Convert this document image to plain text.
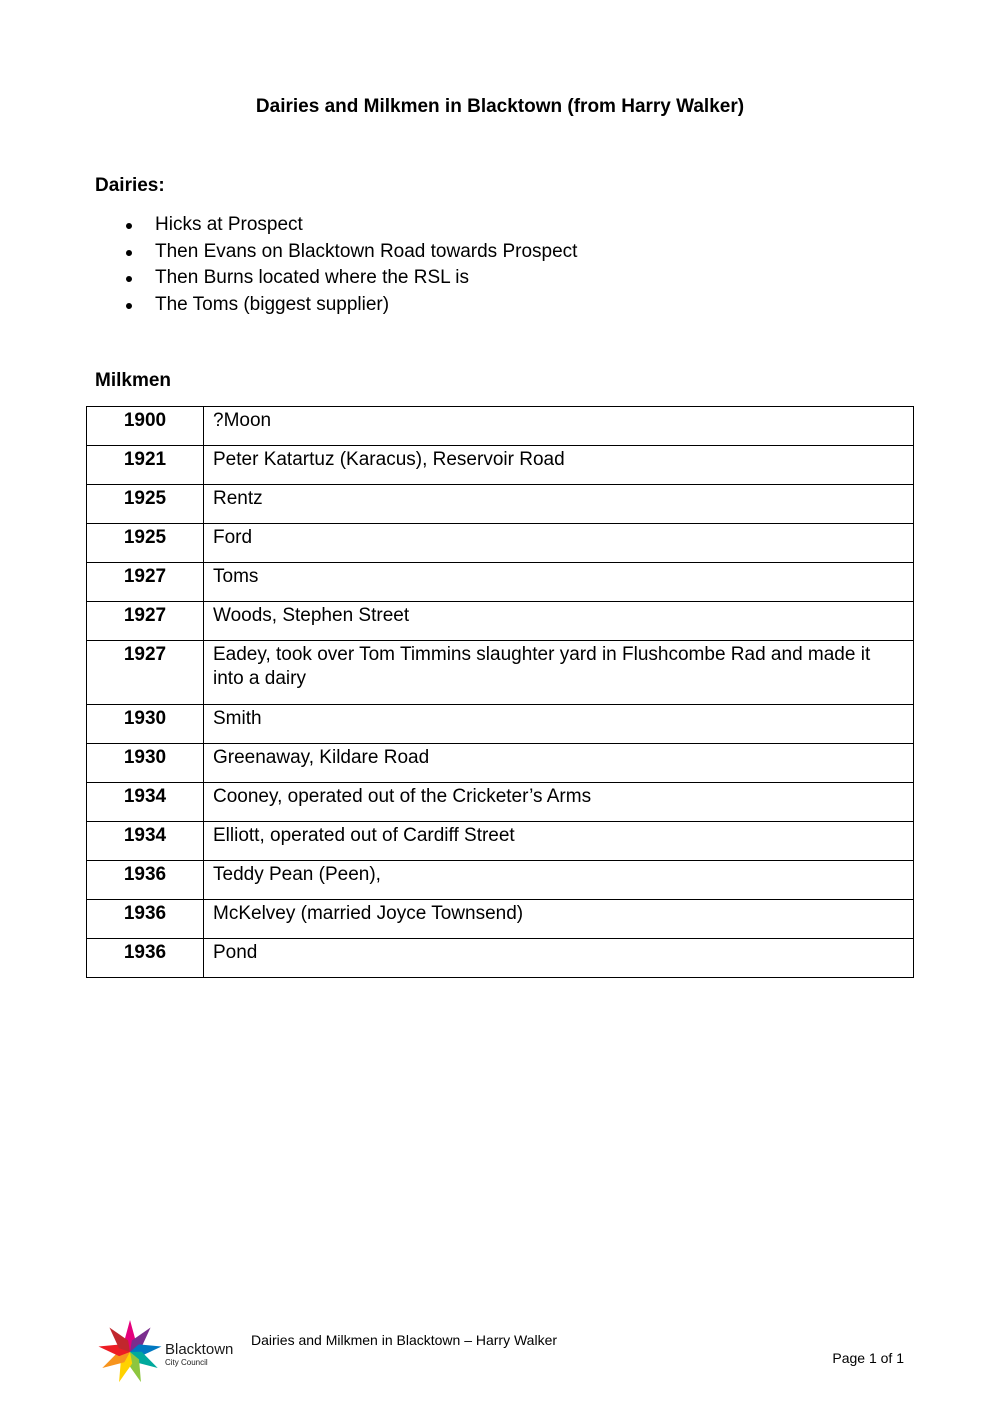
Dairies and Milkmen in Blacktown (from Harry Walker)
Dairies:
Hicks at Prospect
Then Evans on Blacktown Road towards Prospect
Then Burns located where the RSL is
The Toms (biggest supplier)
Milkmen
1900	?Moon
1921	Peter Katartuz (Karacus), Reservoir Road
1925	Rentz
1925	Ford
1927	Toms
1927	Woods, Stephen Street
1927	Eadey, took over Tom Timmins slaughter yard in Flushcombe Rad and made it into a dairy
1930	Smith
1930	Greenaway, Kildare Road
1934	Cooney, operated out of the Cricketer’s Arms
1934	Elliott, operated out of Cardiff Street
1936	Teddy Pean (Peen),
1936	McKelvey (married Joyce Townsend)
1936	Pond
Blacktown
City Council
Dairies and Milkmen in Blacktown – Harry Walker
Page 1 of 1
